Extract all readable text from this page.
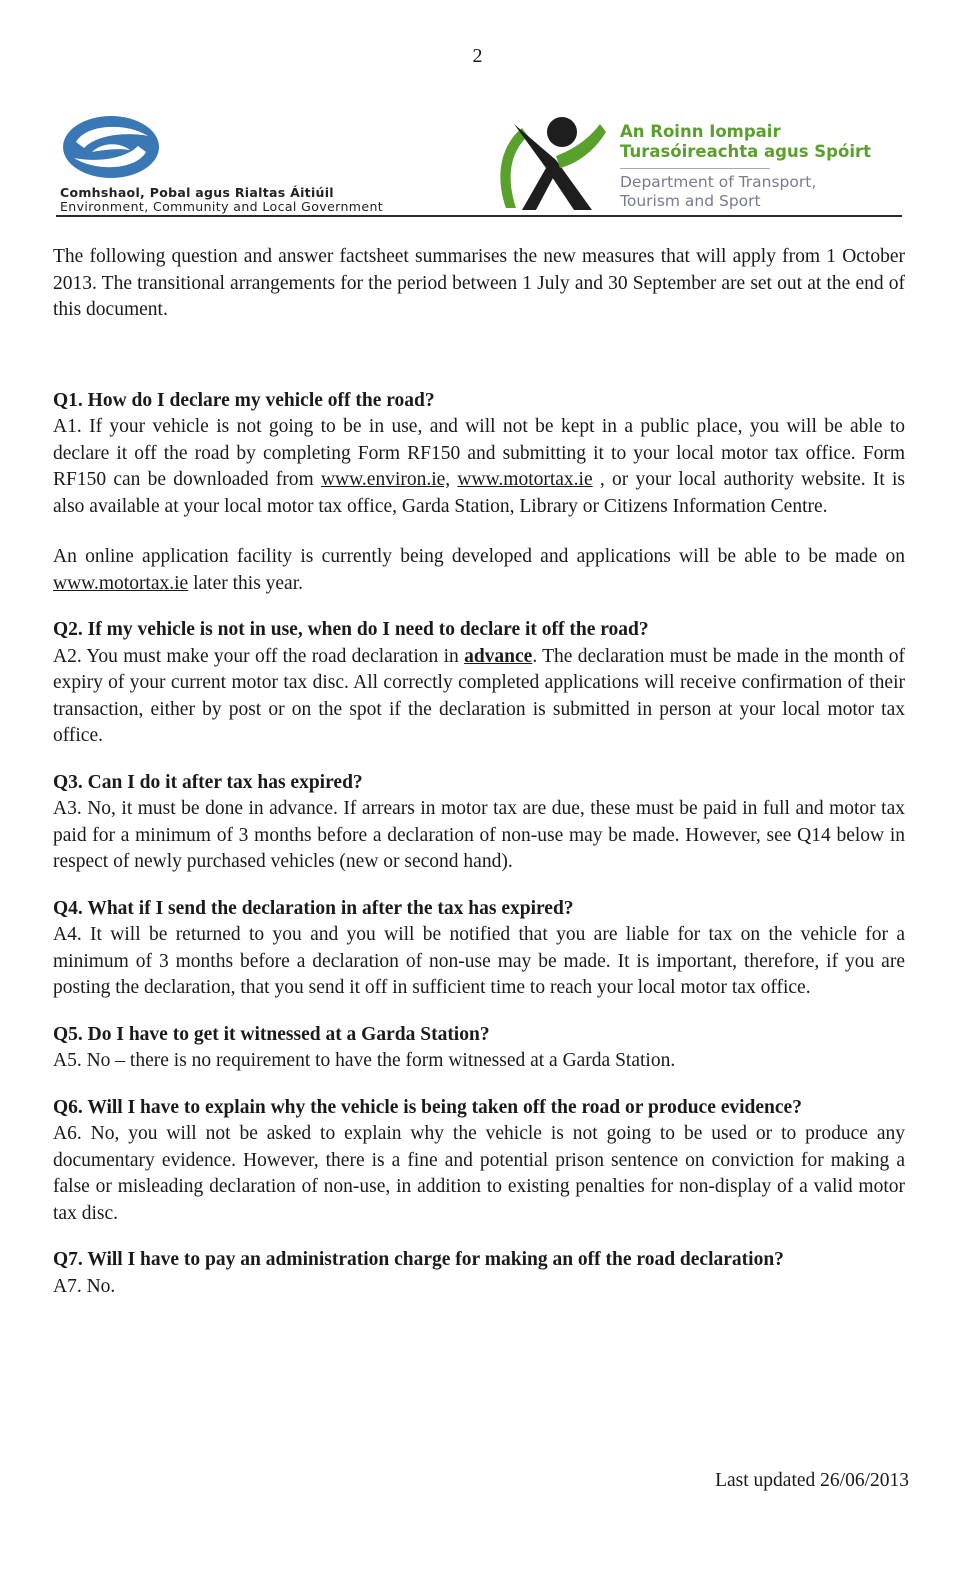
2
Comhshaol, Pobal agus Rialtas Áitiúil
Environment, Community and Local Government
An Roinn Iompair
Turasóireachta agus Spóirt
Department of Transport,
Tourism and Sport

The following question and answer factsheet summarises the new measures that will apply from 1 October 2013. The transitional arrangements for the period between 1 July and 30 September are set out at the end of this document.

Q1. How do I declare my vehicle off the road?

A1. If your vehicle is not going to be in use, and will not be kept in a public place, you will be able to declare it off the road by completing Form RF150 and submitting it to your local motor tax office. Form RF150 can be downloaded from www.environ.ie, www.motortax.ie , or your local authority website. It is also available at your local motor tax office, Garda Station, Library or Citizens Information Centre.

An online application facility is currently being developed and applications will be able to be made on www.motortax.ie later this year.

Q2. If my vehicle is not in use, when do I need to declare it off the road?

A2. You must make your off the road declaration in advance. The declaration must be made in the month of expiry of your current motor tax disc. All correctly completed applications will receive confirmation of their transaction, either by post or on the spot if the declaration is submitted in person at your local motor tax office.

Q3. Can I do it after tax has expired?

A3. No, it must be done in advance. If arrears in motor tax are due, these must be paid in full and motor tax paid for a minimum of 3 months before a declaration of non-use may be made. However, see Q14 below in respect of newly purchased vehicles (new or second hand).

Q4. What if I send the declaration in after the tax has expired?

A4. It will be returned to you and you will be notified that you are liable for tax on the vehicle for a minimum of 3 months before a declaration of non-use may be made. It is important, therefore, if you are posting the declaration, that you send it off in sufficient time to reach your local motor tax office.

Q5. Do I have to get it witnessed at a Garda Station?

A5. No – there is no requirement to have the form witnessed at a Garda Station.

Q6. Will I have to explain why the vehicle is being taken off the road or produce evidence?

A6. No, you will not be asked to explain why the vehicle is not going to be used or to produce any documentary evidence. However, there is a fine and potential prison sentence on conviction for making a false or misleading declaration of non-use, in addition to existing penalties for non-display of a valid motor tax disc.

Q7. Will I have to pay an administration charge for making an off the road declaration?

A7. No.

Last updated 26/06/2013
